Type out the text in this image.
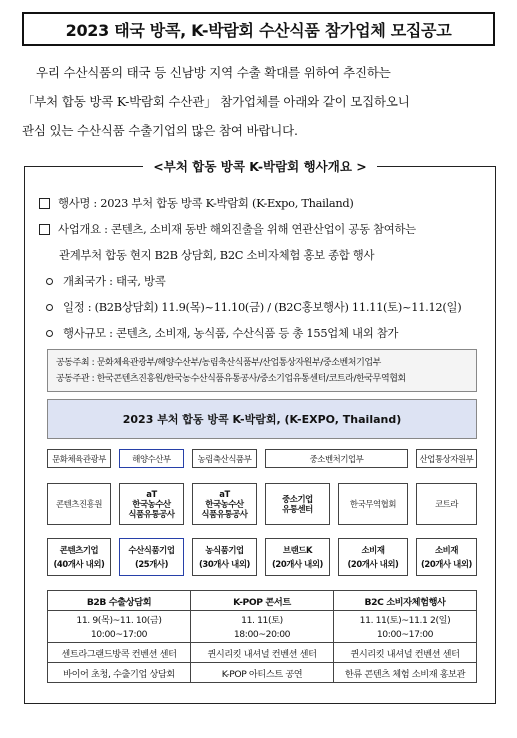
2023 태국 방콕, K-박람회 수산식품 참가업체 모집공고

우리 수산식품의 태국 등 신남방 지역 수출 확대를 위하여 추진하는

「부처 합동 방콕 K-박람회 수산관」 참가업체를 아래와 같이 모집하오니

관심 있는 수산식품 수출기업의 많은 참여 바랍니다.

<부처 합동 방콕 K-박람회 행사개요 >
행사명 : 2023 부처 합동 방콕 K-박람회 (K-Expo, Thailand)
사업개요 : 콘텐츠, 소비재 동반 해외진출을 위해 연관산업이 공동 참여하는
관계부처 합동 현지 B2B 상담회, B2C 소비자체험 홍보 종합 행사
개최국가 : 태국, 방콕
일정 : (B2B상담회) 11.9(목)~11.10(금) / (B2C홍보행사) 11.11(토)~11.12(일)
행사규모 : 콘텐츠, 소비재, 농식품, 수산식품 등 총 155업체 내외 참가
공동주최 : 문화체육관광부/해양수산부/농림축산식품부/산업통상자원부/중소벤처기업부
공동주관 : 한국콘텐츠진흥원/한국농수산식품유통공사/중소기업유통센터/코트라/한국무역협회
2023 부처 합동 방콕 K-박람회, (K-EXPO, Thailand)
문화체육관광부	해양수산부	농림축산식품부	중소벤처기업부	산업통상자원부
콘텐츠진흥원
aT
한국농수산
식품유통공사
aT
한국농수산
식품유통공사
중소기업
유통센터	한국무역협회	코트라
콘텐츠기업
(40개사 내외)
수산식품기업
(25개사)
농식품기업
(30개사 내외)
브랜드K
(20개사 내외)
소비재
(20개사 내외)
소비재
(20개사 내외)
B2B 수출상담회	K-POP 콘서트	B2C 소비자체험행사
11. 9(목)~11. 10(금)	11. 11(토)	11. 11(토)~11.1 2(일)
10:00~17:00	18:00~20:00	10:00~17:00
센트라그랜드방콕 컨벤션 센터	퀸시리킷 내셔널 컨벤션 센터	퀸시리킷 내셔널 컨벤션 센터
바이어 초청, 수출기업 상담회	K-POP 아티스트 공연	한류 콘텐츠 체험 소비재 홍보관
